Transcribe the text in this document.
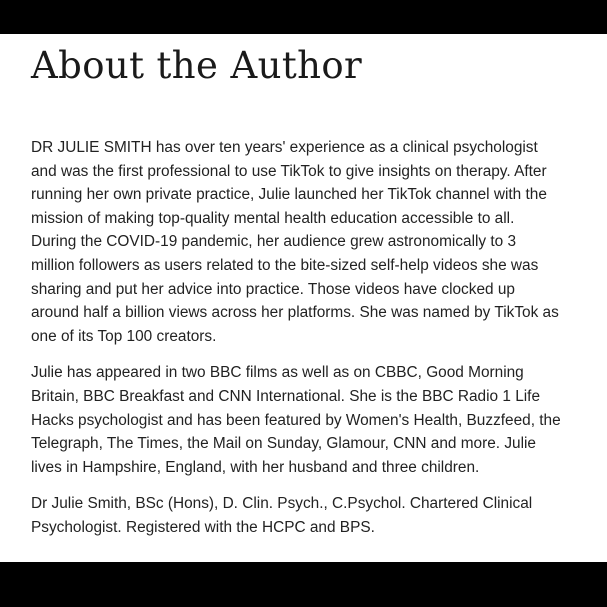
About the Author

DR JULIE SMITH has over ten years' experience as a clinical psychologist and was the first professional to use TikTok to give insights on therapy. After running her own private practice, Julie launched her TikTok channel with the mission of making top-quality mental health education accessible to all. During the COVID-19 pandemic, her audience grew astronomically to 3 million followers as users related to the bite-sized self-help videos she was sharing and put her advice into practice. Those videos have clocked up around half a billion views across her platforms. She was named by TikTok as one of its Top 100 creators.

Julie has appeared in two BBC films as well as on CBBC, Good Morning Britain, BBC Breakfast and CNN International. She is the BBC Radio 1 Life Hacks psychologist and has been featured by Women's Health, Buzzfeed, the Telegraph, The Times, the Mail on Sunday, Glamour, CNN and more. Julie lives in Hampshire, England, with her husband and three children.

Dr Julie Smith, BSc (Hons), D. Clin. Psych., C.Psychol. Chartered Clinical Psychologist. Registered with the HCPC and BPS.
